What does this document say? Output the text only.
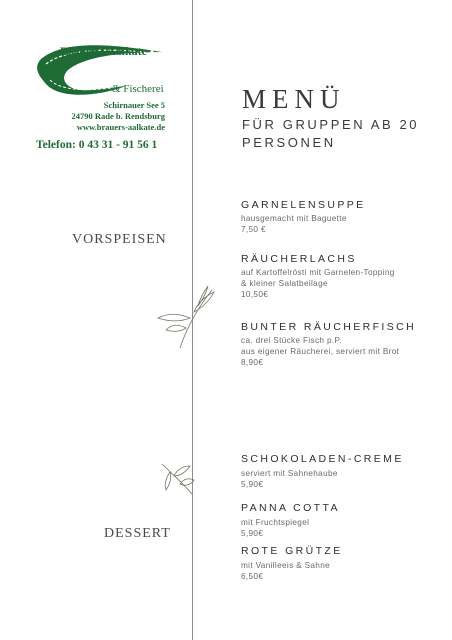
Brauer's Aalkate
& Fischerei
Schirnauer See 5
24790 Rade b. Rendsburg
www.brauers-aalkate.de
Telefon: 0 43 31 - 91 56 1
MENÜ
FÜR GRUPPEN AB 20
PERSONEN
VORSPEISEN
DESSERT
GARNELENSUPPE
hausgemacht mit Baguette
7,50 €
RÄUCHERLACHS
auf Kartoffelrösti mit Garnelen-Topping
& kleiner Salatbeilage
10,50€
BUNTER RÄUCHERFISCH
ca. drei Stücke Fisch p.P.
aus eigener Räucherei, serviert mit Brot
8,90€
SCHOKOLADEN-CREME
serviert mit Sahnehaube
5,90€
PANNA COTTA
mit Fruchtspiegel
5,90€
ROTE GRÜTZE
mit Vanilleeis & Sahne
6,50€
